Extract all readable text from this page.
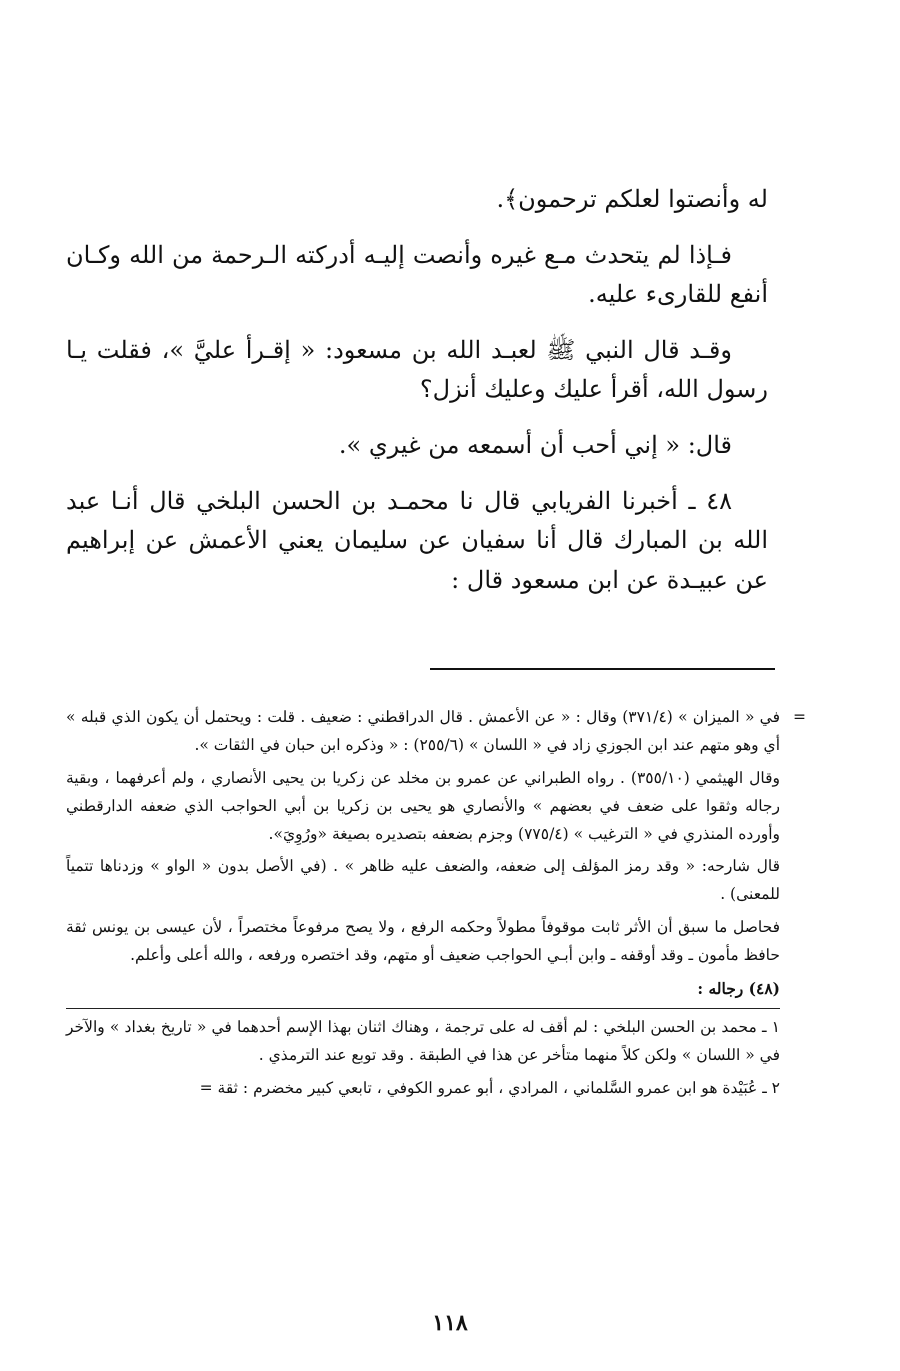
له وأنصتوا لعلكم ترحمون﴾.

فـإذا لم يتحدث مـع غيره وأنصت إليـه أدركته الـرحمة من الله وكـان أنفع للقارىء عليه.

وقـد قال النبي ﷺ لعبـد الله بن مسعود: « إقـرأ عليَّ »، فقلت يـا رسول الله، أقرأ عليك وعليك أنزل؟

قال: « إني أحب أن أسمعه من غيري ».

٤٨ ـ أخبرنا الفريابي قال نا محمـد بن الحسن البلخي قال أنـا عبد الله بن المبارك قال أنا سفيان عن سليمان يعني الأعمش عن إبراهيم عن عبيـدة عن ابن مسعود قال :

=

في « الميزان » (٣٧١/٤) وقال : « عن الأعمش . قال الدراقطني : ضعيف . قلت : ويحتمل أن يكون الذي قبله » أي وهو متهم عند ابن الجوزي زاد في « اللسان » (٢٥٥/٦) : « وذكره ابن حبان في الثقات ».

وقال الهيثمي (٣٥٥/١٠) . رواه الطبراني عن عمرو بن مخلد عن زكريا بن يحيى الأنصاري ، ولم أعرفهما ، وبقية رجاله وثقوا على ضعف في بعضهم » والأنصاري هو يحيى بن زكريا بن أبي الحواجب الذي ضعفه الدارقطني وأورده المنذري في « الترغيب » (٧٧٥/٤) وجزم بضعفه بتصديره بصيغة «ورُوِيَ».

قال شارحه: « وقد رمز المؤلف إلى ضعفه، والضعف عليه ظاهر » . (في الأصل بدون « الواو » وزدناها تتمياً للمعنى) .

فحاصل ما سبق أن الأثر ثابت موقوفاً مطولاً وحكمه الرفع ، ولا يصح مرفوعاً مختصراً ، لأن عيسى بن يونس ثقة حافظ مأمون ـ وقد أوقفه ـ وابن أبـي الحواجب ضعيف أو متهم، وقد اختصره ورفعه ، والله أعلى وأعلم.

(٤٨) رجاله :

١ ـ محمد بن الحسن البلخي : لم أقف له على ترجمة ، وهناك اثنان بهذا الإسم أحدهما في « تاريخ بغداد » والآخر في « اللسان » ولكن كلاً منهما متأخر عن هذا في الطبقة . وقد توبع عند الترمذي .

٢ ـ عُبَيْدة هو ابن عمرو السَّلماني ، المرادي ، أبو عمرو الكوفي ، تابعي كبير مخضرم : ثقة =

١١٨
